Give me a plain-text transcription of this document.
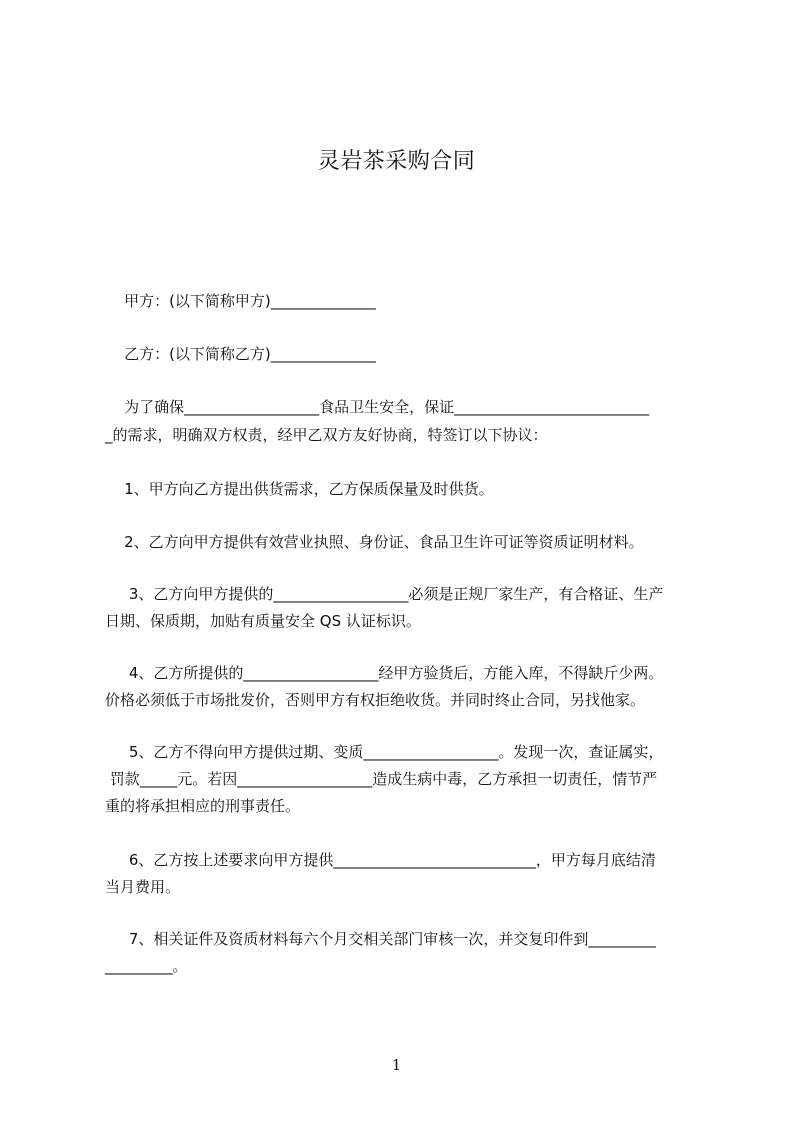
灵岩茶采购合同
甲方：(以下简称甲方)______________
乙方：(以下简称乙方)______________
为了确保__________________食品卫生安全，保证__________________________
_的需求，明确双方权责，经甲乙双方友好协商，特签订以下协议：
1、甲方向乙方提出供货需求，乙方保质保量及时供货。
2、乙方向甲方提供有效营业执照、身份证、食品卫生许可证等资质证明材料。
3、乙方向甲方提供的__________________必须是正规厂家生产，有合格证、生产
日期、保质期，加贴有质量安全 QS 认证标识。
4、乙方所提供的__________________经甲方验货后，方能入库，不得缺斤少两。
价格必须低于市场批发价，否则甲方有权拒绝收货。并同时终止合同，另找他家。
5、乙方不得向甲方提供过期、变质__________________。发现一次，查证属实，
罚款_____元。若因__________________造成生病中毒，乙方承担一切责任，情节严
重的将承担相应的刑事责任。
6、乙方按上述要求向甲方提供___________________________，甲方每月底结清
当月费用。
7、相关证件及资质材料每六个月交相关部门审核一次，并交复印件到_________
_________。
1
